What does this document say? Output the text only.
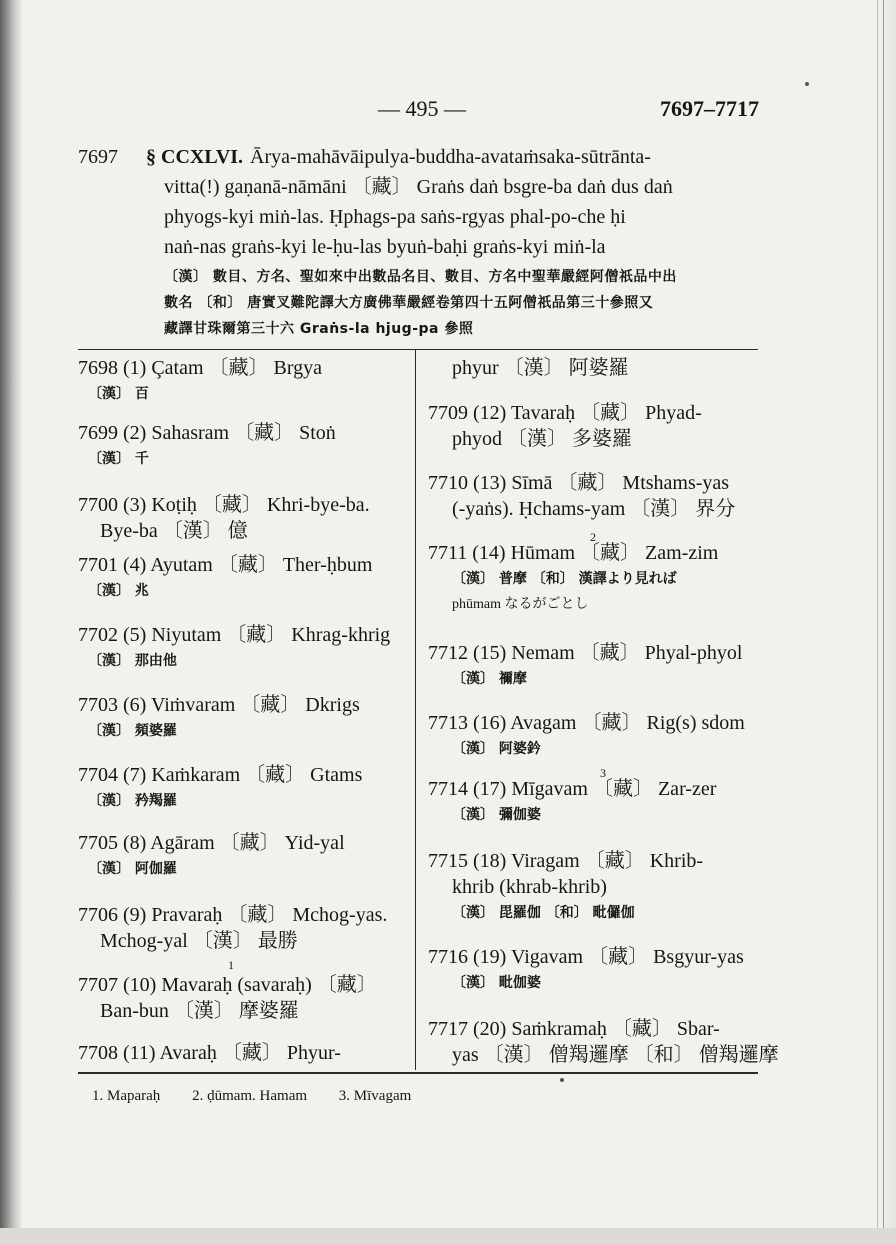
— 495 —	7697–7717
7697 § CCXLVI. Ārya-mahāvāipulya-buddha-avataṁsaka-sūtrānta-
vitta(!) gaṇanā-nāmāni 〔藏〕 Graṅs daṅ bsgre-ba daṅ dus daṅ
phyogs-kyi miṅ-las. Ḥphags-pa saṅs-rgyas phal-po-che ḥi
naṅ-nas graṅs-kyi le-ḥu-las byuṅ-baḥi graṅs-kyi miṅ-la
〔漢〕 數目、方名、聖如來中出數品名目、數目、方名中聖華嚴經阿僧祇品中出
數名 〔和〕 唐實叉難陀譯大方廣佛華嚴經卷第四十五阿僧祇品第三十參照又
藏譯甘珠爾第三十六 Graṅs-la hjug-pa 參照
7698 (1) Çatam 〔藏〕 Brgya
〔漢〕 百
7699 (2) Sahasram 〔藏〕 Stoṅ
〔漢〕 千
7700 (3) Koṭiḥ 〔藏〕 Khri-bye-ba.
Bye-ba 〔漢〕 億
7701 (4) Ayutam 〔藏〕 Ther-ḥbum
〔漢〕 兆
7702 (5) Niyutam 〔藏〕 Khrag-khrig
〔漢〕 那由他
7703 (6) Viṁvaram 〔藏〕 Dkrigs
〔漢〕 頻婆羅
7704 (7) Kaṁkaram 〔藏〕 Gtams
〔漢〕 矜羯羅
7705 (8) Agāram 〔藏〕 Yid-yal
〔漢〕 阿伽羅
7706 (9) Pravaraḥ 〔藏〕 Mchog-yas.
Mchog-yal 〔漢〕 最勝
7707 (10) Mavaraḥ (savaraḥ) 〔藏〕
Ban-bun 〔漢〕 摩婆羅
1
7708 (11) Avaraḥ 〔藏〕 Phyur-
phyur 〔漢〕 阿婆羅
7709 (12) Tavaraḥ 〔藏〕 Phyad-
phyod 〔漢〕 多婆羅
7710 (13) Sīmā 〔藏〕 Mtshams-yas
(-yaṅs). Ḥchams-yam 〔漢〕 界分
7711 (14) Hūmam 〔藏〕 Zam-zim
〔漢〕 普摩 〔和〕 漢譯より見れば
phūmam なるがごとし
2
7712 (15) Nemam 〔藏〕 Phyal-phyol
〔漢〕 禰摩
7713 (16) Avagam 〔藏〕 Rig(s) sdom
〔漢〕 阿婆鈐
7714 (17) Mīgavam 〔藏〕 Zar-zer
〔漢〕 彌伽婆
3
7715 (18) Viragam 〔藏〕 Khrib-
khrib (khrab-khrib)
〔漢〕 毘羅伽 〔和〕 毗儸伽
7716 (19) Vigavam 〔藏〕 Bsgyur-yas
〔漢〕 毗伽婆
7717 (20) Saṁkramaḥ 〔藏〕 Sbar-
yas 〔漢〕 僧羯邏摩 〔和〕 僧羯邏摩
1. Maparaḥ 2. ḍūmam. Hamam 3. Mīvagam
